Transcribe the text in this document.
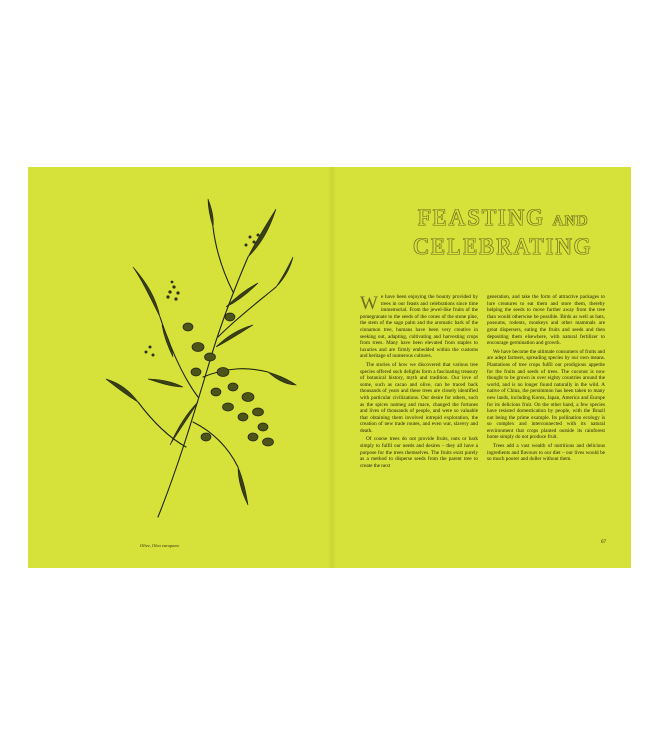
Olive, Olea europaea
FEASTING AND
CELEBRATING

We have been enjoying the bounty provided by trees in our feasts and celebrations since time immemorial. From the jewel-like fruits of the pomegranate to the seeds of the cones of the stone pine, the stem of the sago palm and the aromatic bark of the cinnamon tree, humans have been very creative in seeking out, adapting, cultivating and harvesting crops from trees. Many have been elevated from staples to luxuries and are firmly embedded within the customs and heritage of numerous cultures.

The stories of how we discovered that various tree species offered such delights form a fascinating treasury of botanical history, myth and tradition. Our love of some, such as cacao and olive, can be traced back thousands of years and these trees are closely identified with particular civilizations. Our desire for others, such as the spices nutmeg and mace, changed the fortunes and lives of thousands of people, and were so valuable that obtaining them involved intrepid exploration, the creation of new trade routes, and even war, slavery and death.

Of course trees do not provide fruits, nuts or bark simply to fulfil our needs and desires – they all have a purpose for the trees themselves. The fruits exist purely as a method to disperse seeds from the parent tree to create the next

generation, and take the form of attractive packages to lure creatures to eat them and store them, thereby helping the seeds to move further away from the tree than would otherwise be possible. Birds as well as bats, possums, rodents, monkeys and other mammals are great dispersers, eating the fruits and seeds and then depositing them elsewhere, with natural fertilizer to encourage germination and growth.

We have become the ultimate consumers of fruits and are adept farmers, spreading species by our own means. Plantations of tree crops fulfil our prodigious appetite for the fruits and seeds of trees. The coconut is now thought to be grown in over eighty countries around the world, and is no longer found naturally in the wild. A native of China, the persimmon has been taken to many new lands, including Korea, Japan, America and Europe for its delicious fruit. On the other hand, a few species have resisted domestication by people, with the Brazil nut being the prime example. Its pollination ecology is so complex and interconnected with its natural environment that crops planted outside its rainforest home simply do not produce fruit.

Trees add a vast wealth of nutritious and delicious ingredients and flavours to our diet – our lives would be so much poorer and duller without them.

67
